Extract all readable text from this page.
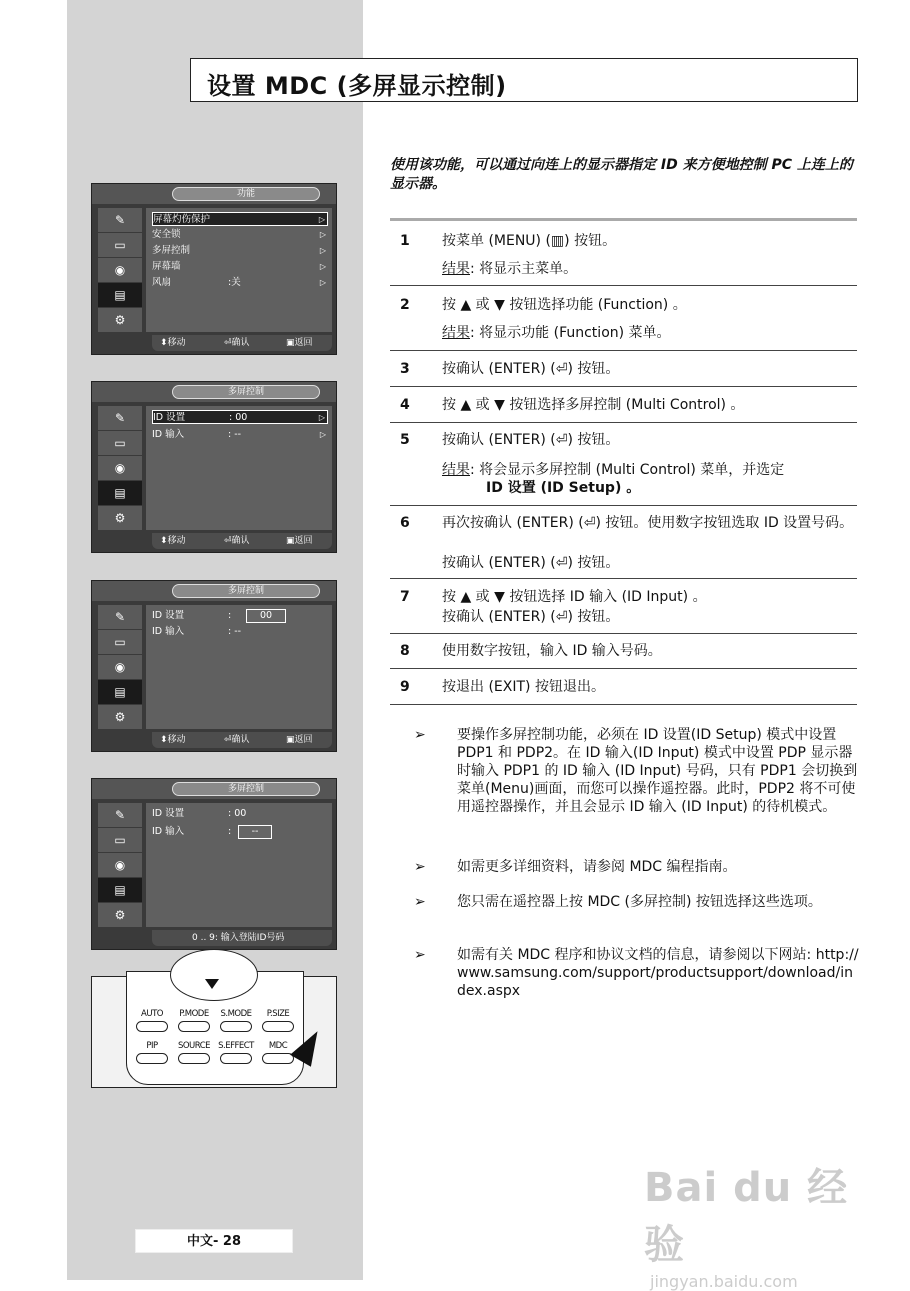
设置 MDC (多屏显示控制)
功能
✎
▭
◉
▤
⚙
屏幕灼伤保护	▷
安全锁	▷
多屏控制	▷
屏幕墙	▷
风扇	:关	▷
⬍移动	⏎确认	▣返回
多屏控制
✎
▭
◉
▤
⚙
ID 设置	: 00	▷
ID 输入	: --	▷
⬍移动	⏎确认	▣返回
多屏控制
✎
▭
◉
▤
⚙
ID 设置	:	00
ID 输入	: --
⬍移动	⏎确认	▣返回
多屏控制
✎
▭
◉
▤
⚙
ID 设置	: 00
ID 输入	:	--
0 .. 9: 输入登陆ID号码
AUTO	P.MODE	S.MODE	P.SIZE
PIP	SOURCE S.EFFECT	MDC
使用该功能，可以通过向连上的显示器指定 ID 来方便地控制 PC 上连上的显示器。
1 按菜单 (MENU) (▥) 按钮。
结果: 将显示主菜单。
2 按 ▲ 或 ▼ 按钮选择功能 (Function) 。
结果: 将显示功能 (Function) 菜单。
3 按确认 (ENTER) (⏎) 按钮。
4 按 ▲ 或 ▼ 按钮选择多屏控制 (Multi Control) 。
5 按确认 (ENTER) (⏎) 按钮。
结果: 将会显示多屏控制 (Multi Control) 菜单，并选定
ID 设置 (ID Setup) 。
6 再次按确认 (ENTER) (⏎) 按钮。使用数字按钮选取 ID 设置号码。
按确认 (ENTER) (⏎) 按钮。
7 按 ▲ 或 ▼ 按钮选择 ID 输入 (ID Input) 。
按确认 (ENTER) (⏎) 按钮。
8 使用数字按钮，输入 ID 输入号码。
9 按退出 (EXIT) 按钮退出。
➢ 要操作多屏控制功能，必须在 ID 设置(ID Setup) 模式中设置 PDP1 和 PDP2。在 ID 输入(ID Input) 模式中设置 PDP 显示器时输入 PDP1 的 ID 输入 (ID Input) 号码，只有 PDP1 会切换到菜单(Menu)画面，而您可以操作遥控器。此时，PDP2 将不可使用遥控器操作，并且会显示 ID 输入 (ID Input) 的待机模式。
➢ 如需更多详细资料，请参阅 MDC 编程指南。
➢ 您只需在遥控器上按 MDC (多屏控制) 按钮选择这些选项。
➢ 如需有关 MDC 程序和协议文档的信息，请参阅以下网站: http://www.samsung.com/support/productsupport/download/index.aspx
中文- 28
Bai du 经验
jingyan.baidu.com
